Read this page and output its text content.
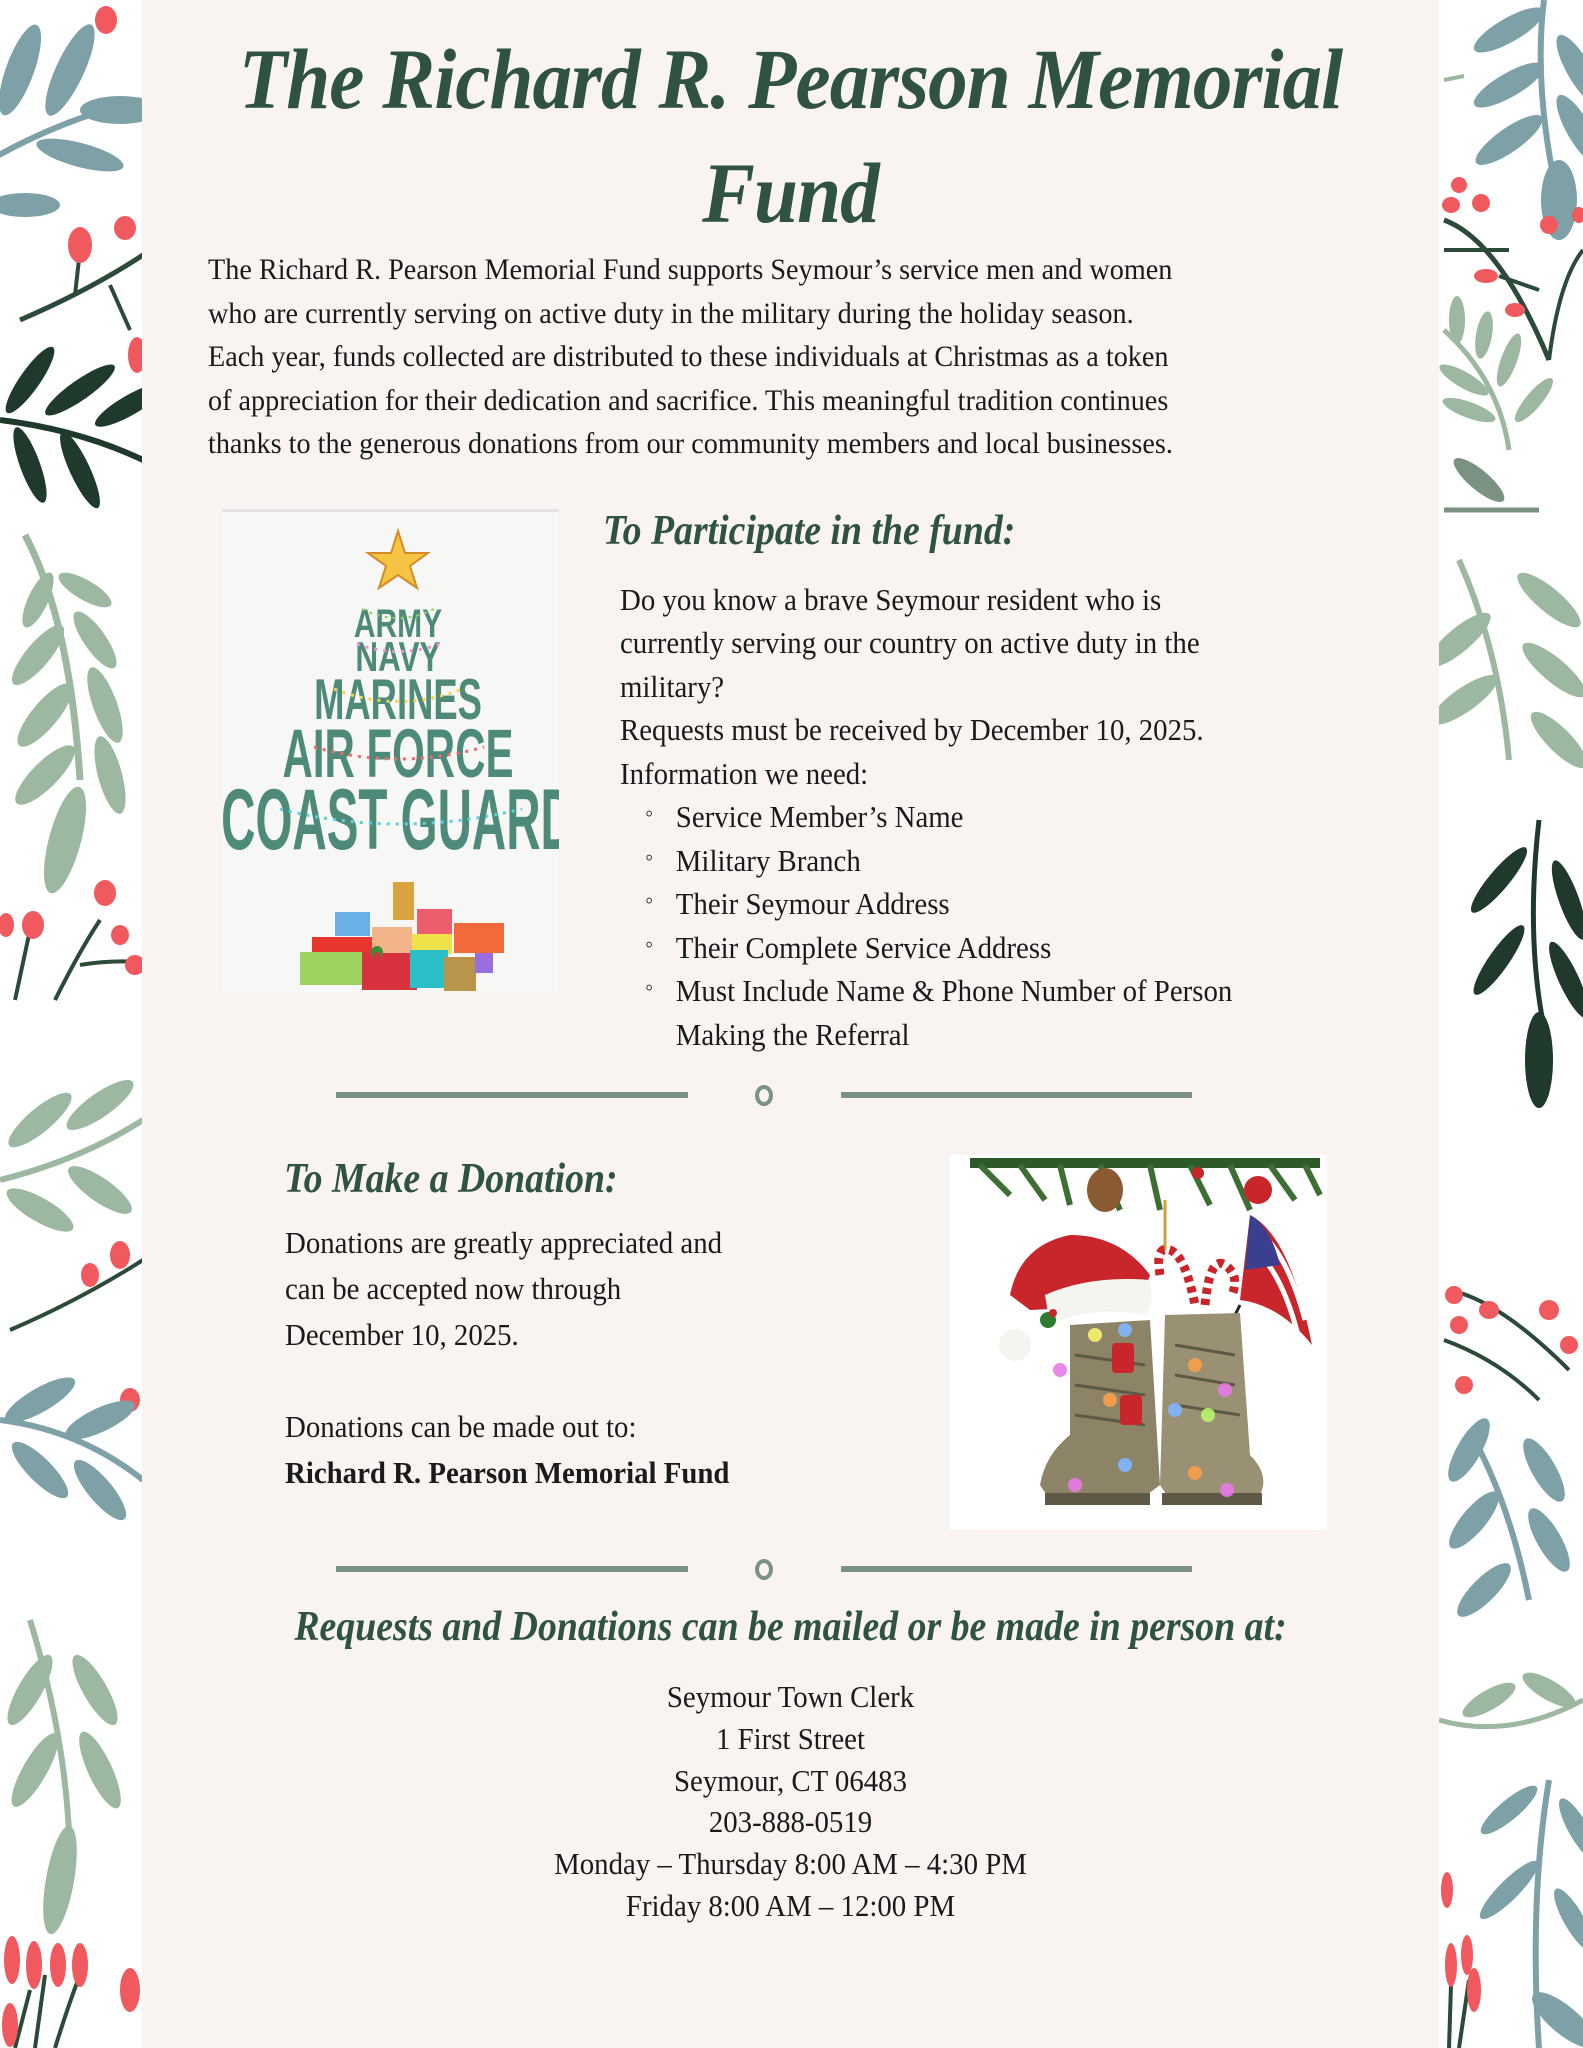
The Richard R. Pearson Memorial
Fund
The Richard R. Pearson Memorial Fund supports Seymour’s service men and women
who are currently serving on active duty in the military during the holiday season.
Each year, funds collected are distributed to these individuals at Christmas as a token
of appreciation for their dedication and sacrifice. This meaningful tradition continues
thanks to the generous donations from our community members and local businesses.
ARMY
NAVY
MARINES
AIR FORCE
COAST GUARD
To Participate in the fund:
Do you know a brave Seymour resident who is
currently serving our country on active duty in the
military?
Requests must be received by December 10, 2025.
Information we need:
◦ Service Member’s Name
◦ Military Branch
◦ Their Seymour Address
◦ Their Complete Service Address
◦ Must Include Name & Phone Number of Person
Making the Referral
To Make a Donation:
Donations are greatly appreciated and
can be accepted now through
December 10, 2025.
Donations can be made out to:
Richard R. Pearson Memorial Fund
Requests and Donations can be mailed or be made in person at:
Seymour Town Clerk
1 First Street
Seymour, CT 06483
203-888-0519
Monday – Thursday 8:00 AM – 4:30 PM
Friday 8:00 AM – 12:00 PM
